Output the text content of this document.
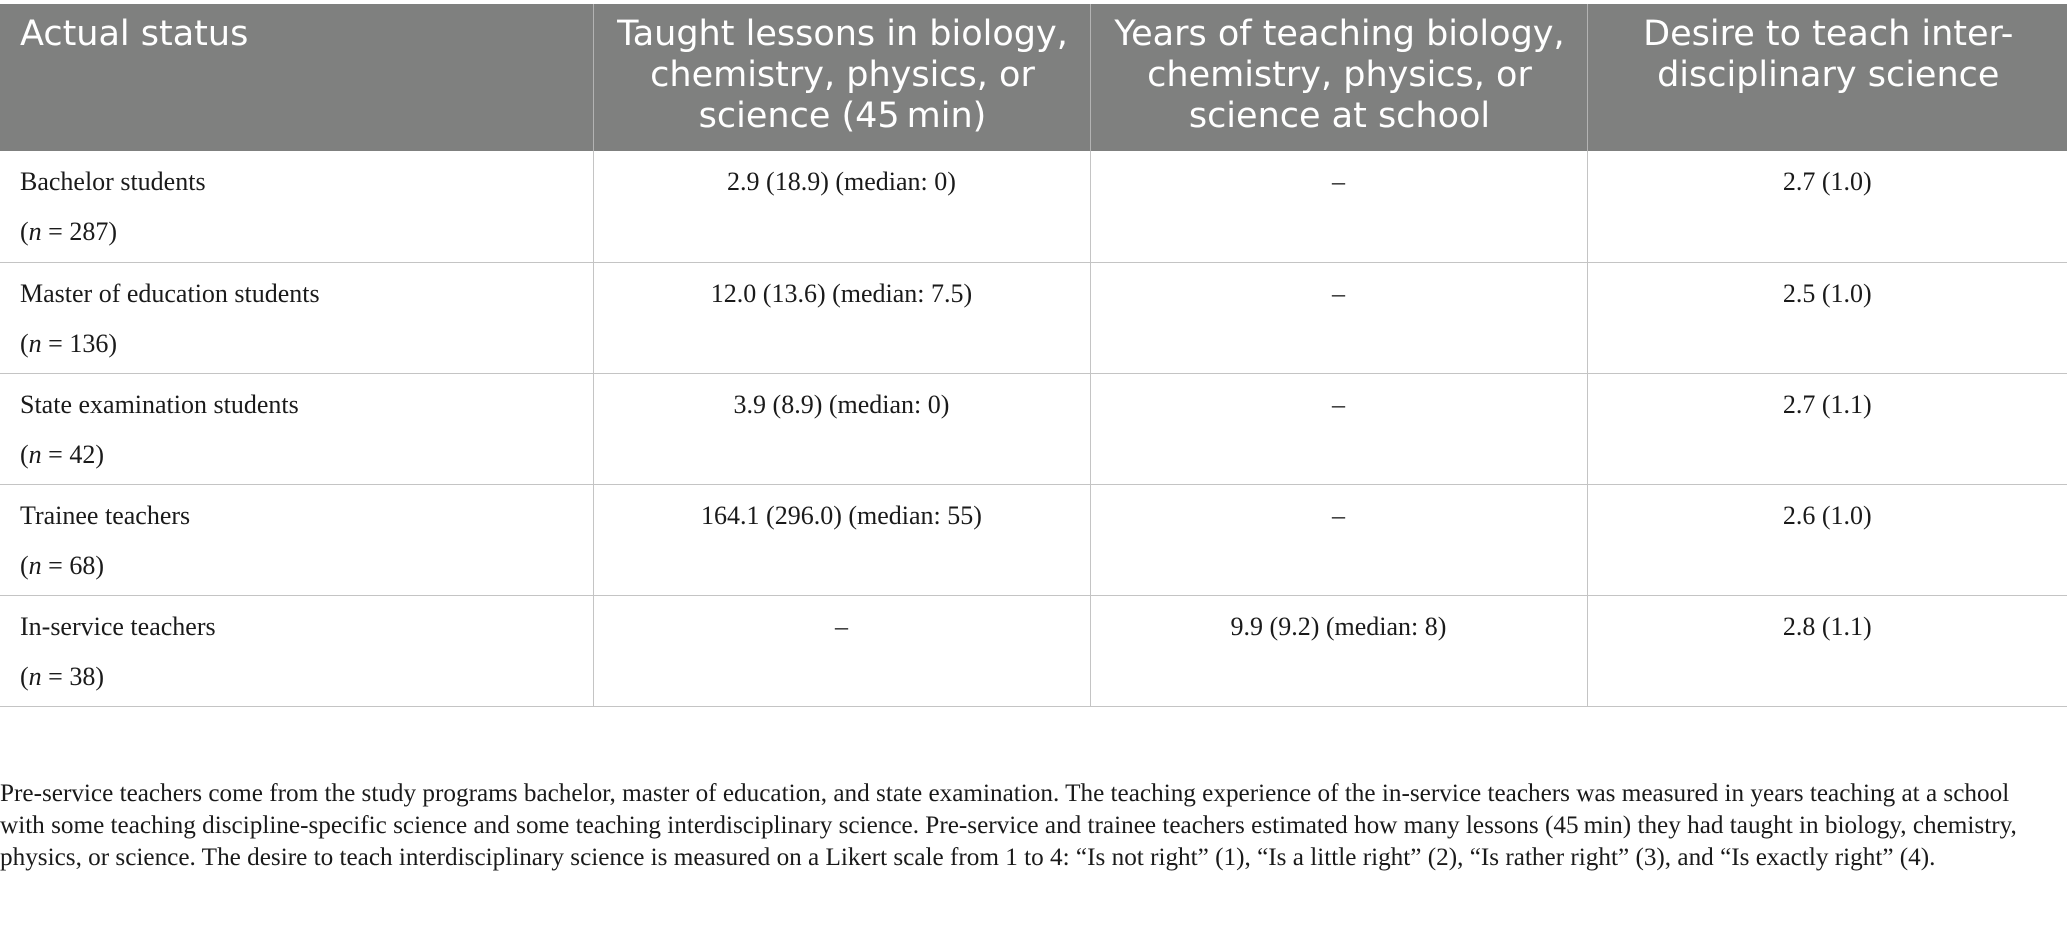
Actual status	Taught lessons in biology, chemistry, physics, or science (45 min)	Years of teaching biology, chemistry, physics, or science at school	Desire to teach inter-disciplinary science

Bachelor students
(n = 287)	2.9 (18.9) (median: 0)	–	2.7 (1.0)

Master of education students
(n = 136)	12.0 (13.6) (median: 7.5)	–	2.5 (1.0)

State examination students
(n = 42)	3.9 (8.9) (median: 0)	–	2.7 (1.1)

Trainee teachers
(n = 68)	164.1 (296.0) (median: 55)	–	2.6 (1.0)

In-service teachers
(n = 38)	–	9.9 (9.2) (median: 8)	2.8 (1.1)

Pre-service teachers come from the study programs bachelor, master of education, and state examination. The teaching experience of the in-service teachers was measured in years teaching at a school with some teaching discipline-specific science and some teaching interdisciplinary science. Pre-service and trainee teachers estimated how many lessons (45 min) they had taught in biology, chemistry, physics, or science. The desire to teach interdisciplinary science is measured on a Likert scale from 1 to 4: “Is not right” (1), “Is a little right” (2), “Is rather right” (3), and “Is exactly right” (4).
